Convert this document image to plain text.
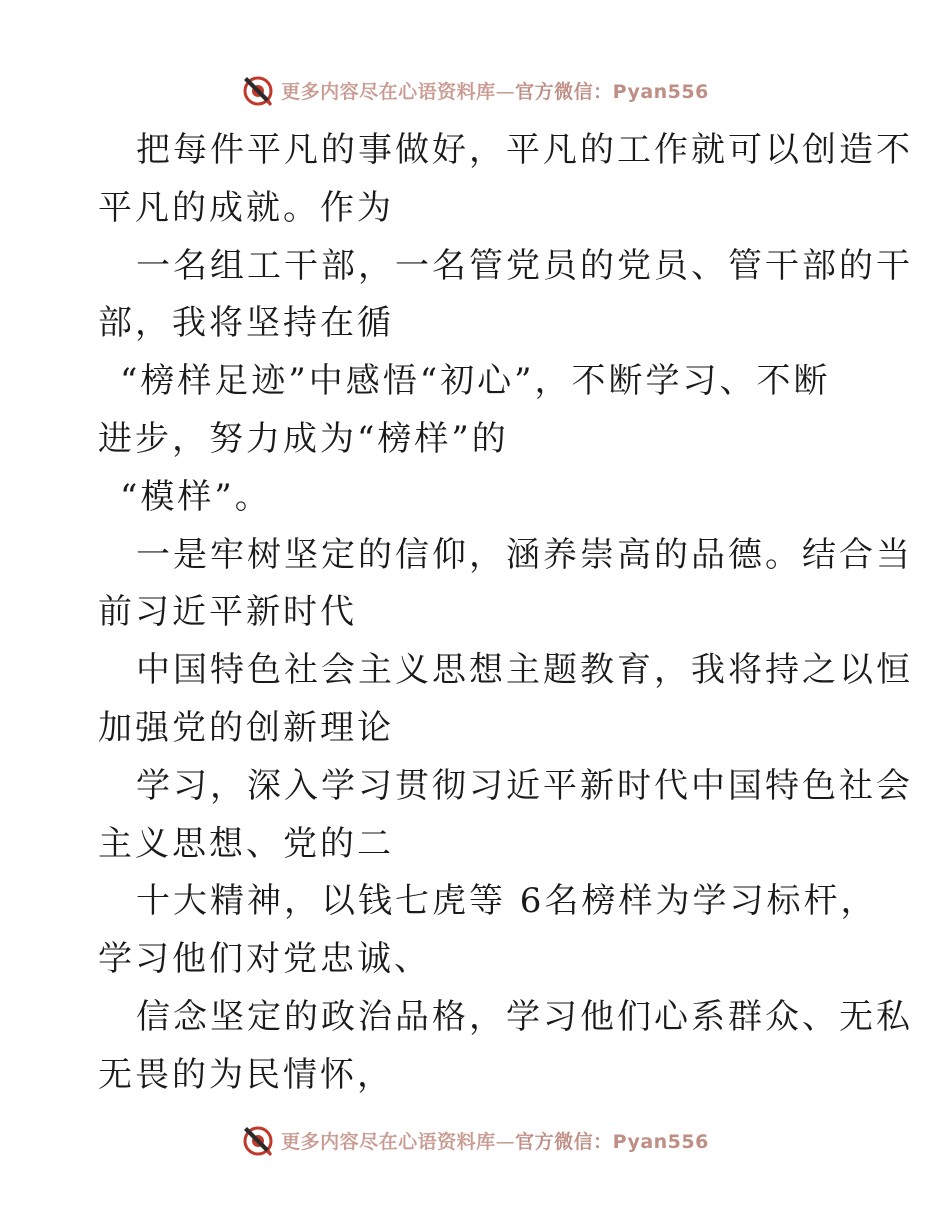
更多内容尽在心语资料库—官方微信：Pyan556
把每件平凡的事做好，平凡的工作就可以创造不
平凡的成就。作为
一名组工干部，一名管党员的党员、管干部的干
部，我将坚持在循
“榜样足迹”中感悟“初心”，不断学习、不断
进步，努力成为“榜样”的
“模样”。
一是牢树坚定的信仰，涵养崇高的品德。结合当
前习近平新时代
中国特色社会主义思想主题教育，我将持之以恒
加强党的创新理论
学习，深入学习贯彻习近平新时代中国特色社会
主义思想、党的二
十大精神，以钱七虎等 6名榜样为学习标杆，
学习他们对党忠诚、
信念坚定的政治品格，学习他们心系群众、无私
无畏的为民情怀，
更多内容尽在心语资料库—官方微信：Pyan556
